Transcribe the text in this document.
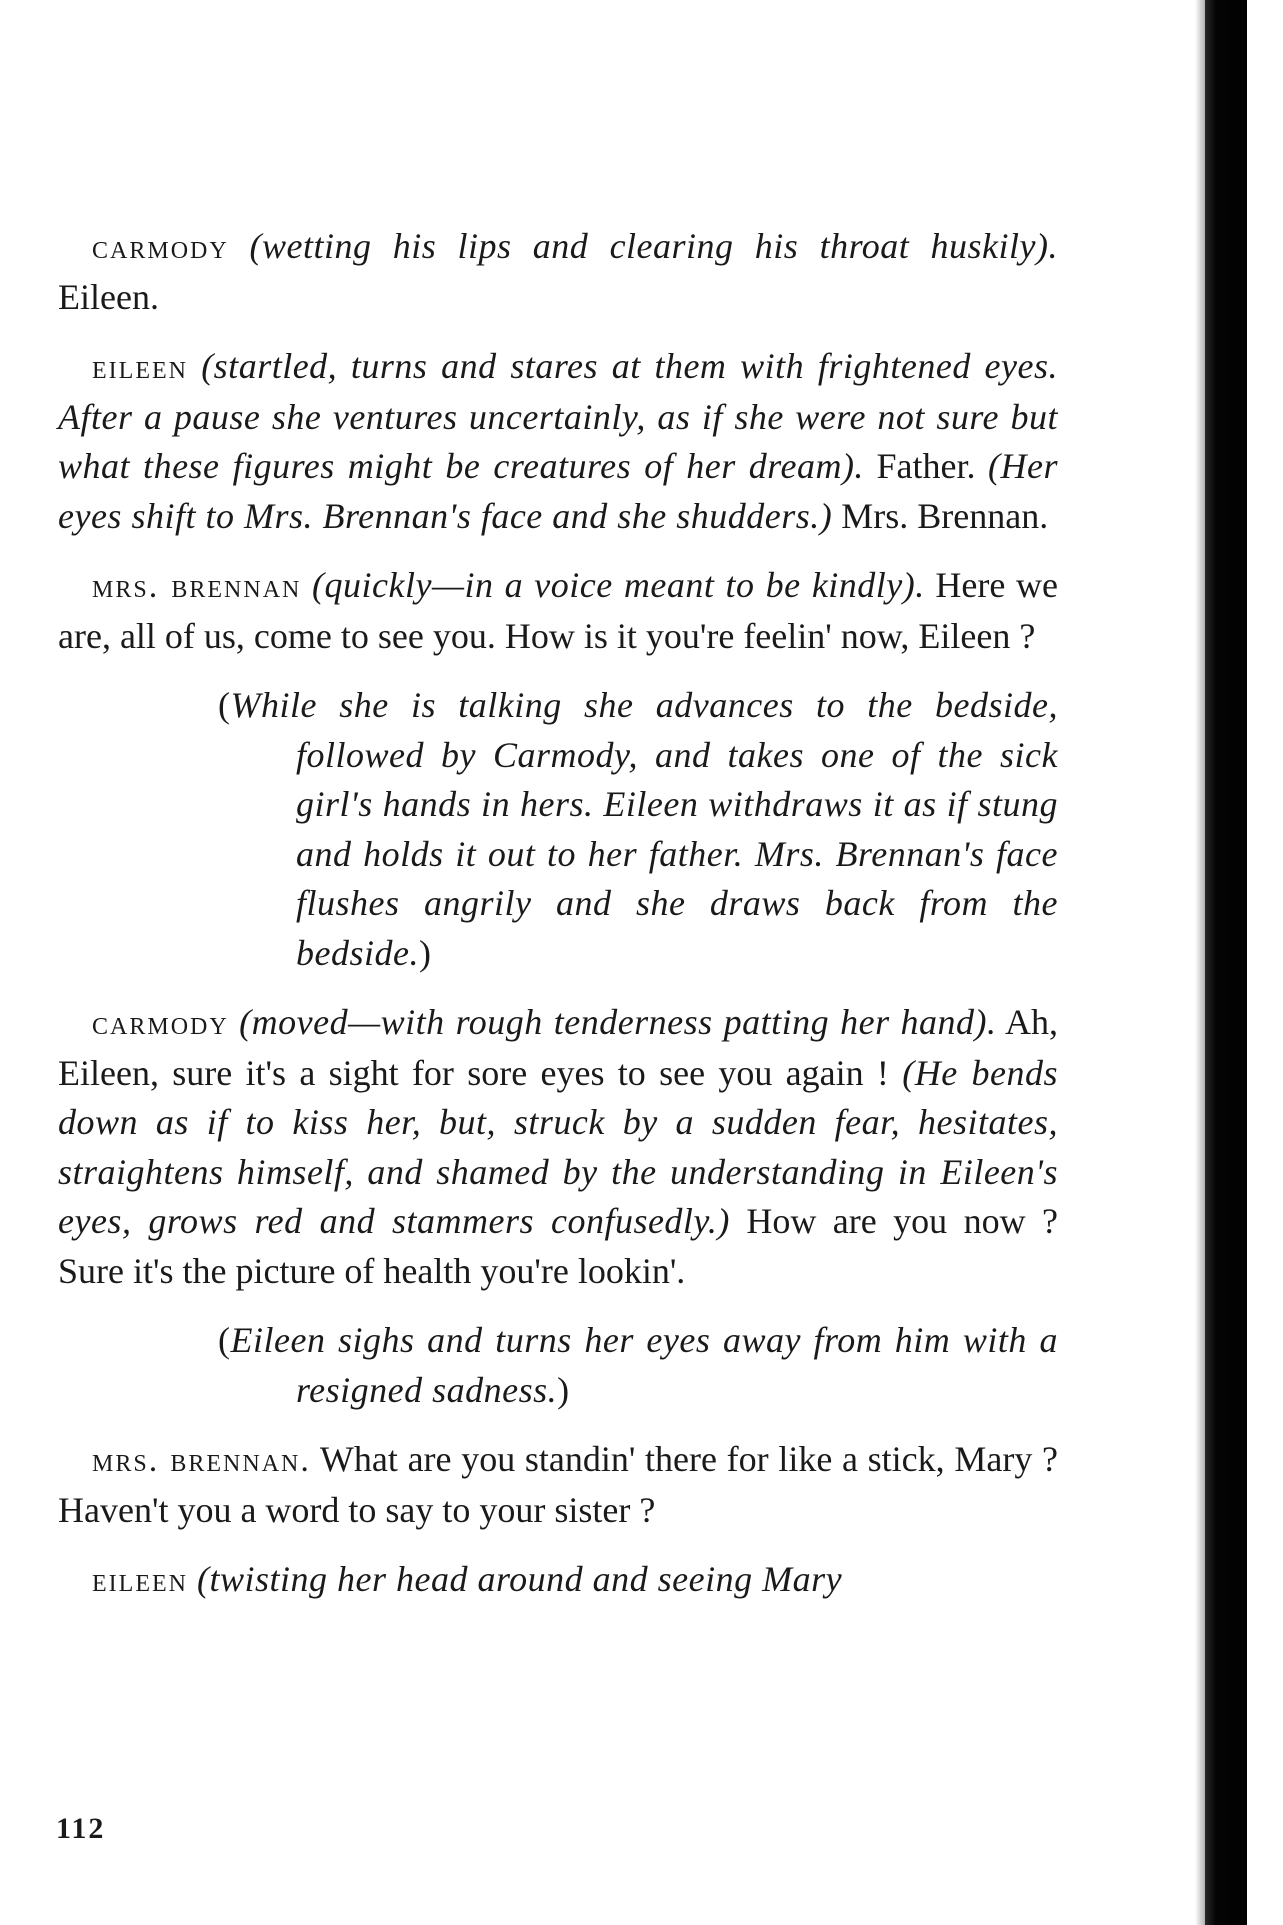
carmody (wetting his lips and clearing his throat huskily). Eileen.

eileen (startled, turns and stares at them with frightened eyes. After a pause she ventures uncertainly, as if she were not sure but what these figures might be creatures of her dream). Father. (Her eyes shift to Mrs. Brennan's face and she shudders.) Mrs. Brennan.

mrs. brennan (quickly—in a voice meant to be kindly). Here we are, all of us, come to see you. How is it you're feelin' now, Eileen ?

(While she is talking she advances to the bedside, followed by Carmody, and takes one of the sick girl's hands in hers. Eileen withdraws it as if stung and holds it out to her father. Mrs. Brennan's face flushes angrily and she draws back from the bedside.)

carmody (moved—with rough tenderness patting her hand). Ah, Eileen, sure it's a sight for sore eyes to see you again ! (He bends down as if to kiss her, but, struck by a sudden fear, hesitates, straightens himself, and shamed by the understanding in Eileen's eyes, grows red and stammers confusedly.) How are you now ? Sure it's the picture of health you're lookin'.

(Eileen sighs and turns her eyes away from him with a resigned sadness.)

mrs. brennan. What are you standin' there for like a stick, Mary ? Haven't you a word to say to your sister ?

eileen (twisting her head around and seeing Mary

112
